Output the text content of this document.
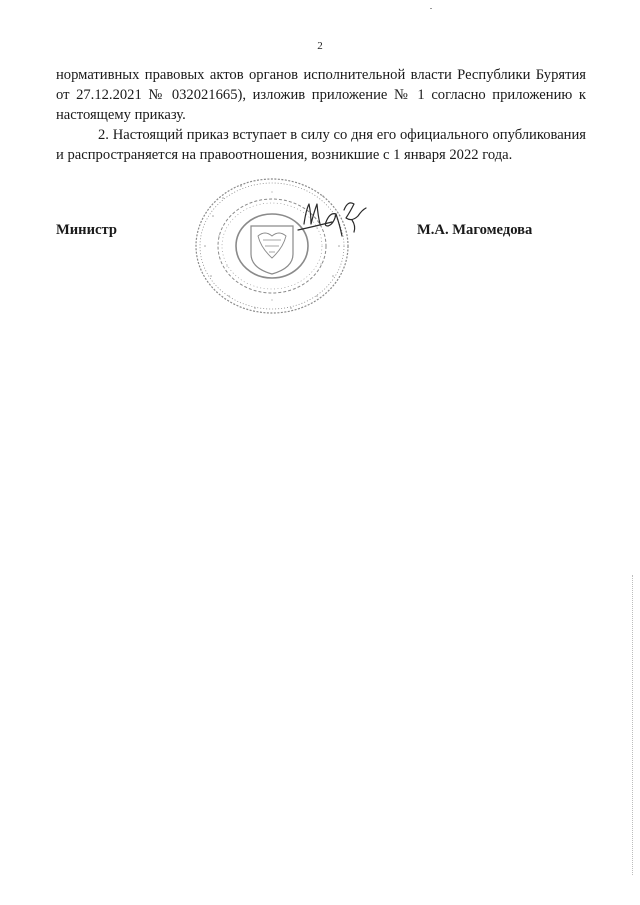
2

нормативных правовых актов органов исполнительной власти Республики Бурятия от 27.12.2021 № 032021665), изложив приложение № 1 согласно приложению к настоящему приказу.

2. Настоящий приказ вступает в силу со дня его официального опубликования и распространяется на правоотношения, возникшие с 1 января 2022 года.

Министр	М.А. Магомедова
